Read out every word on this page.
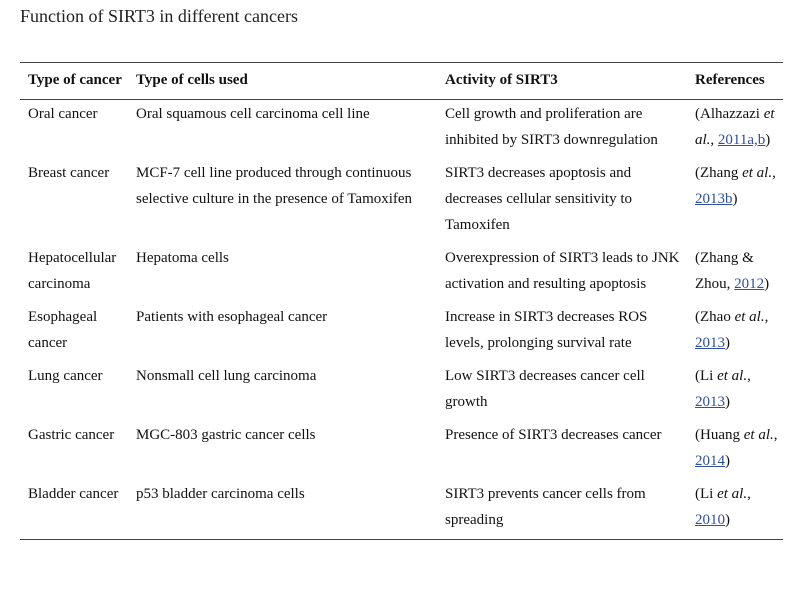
Function of SIRT3 in different cancers
Type of cancer	Type of cells used	Activity of SIRT3	References
Oral cancer	Oral squamous cell carcinoma cell line	Cell growth and proliferation are inhibited by SIRT3 downregulation	(Alhazzazi et al., 2011a,b)
Breast cancer	MCF-7 cell line produced through continuous selective culture in the presence of Tamoxifen	SIRT3 decreases apoptosis and decreases cellular sensitivity to Tamoxifen	(Zhang et al., 2013b)
Hepatocellular carcinoma	Hepatoma cells	Overexpression of SIRT3 leads to JNK activation and resulting apoptosis	(Zhang & Zhou, 2012)
Esophageal cancer	Patients with esophageal cancer	Increase in SIRT3 decreases ROS levels, prolonging survival rate	(Zhao et al., 2013)
Lung cancer	Nonsmall cell lung carcinoma	Low SIRT3 decreases cancer cell growth	(Li et al., 2013)
Gastric cancer	MGC-803 gastric cancer cells	Presence of SIRT3 decreases cancer	(Huang et al., 2014)
Bladder cancer	p53 bladder carcinoma cells	SIRT3 prevents cancer cells from spreading	(Li et al., 2010)
